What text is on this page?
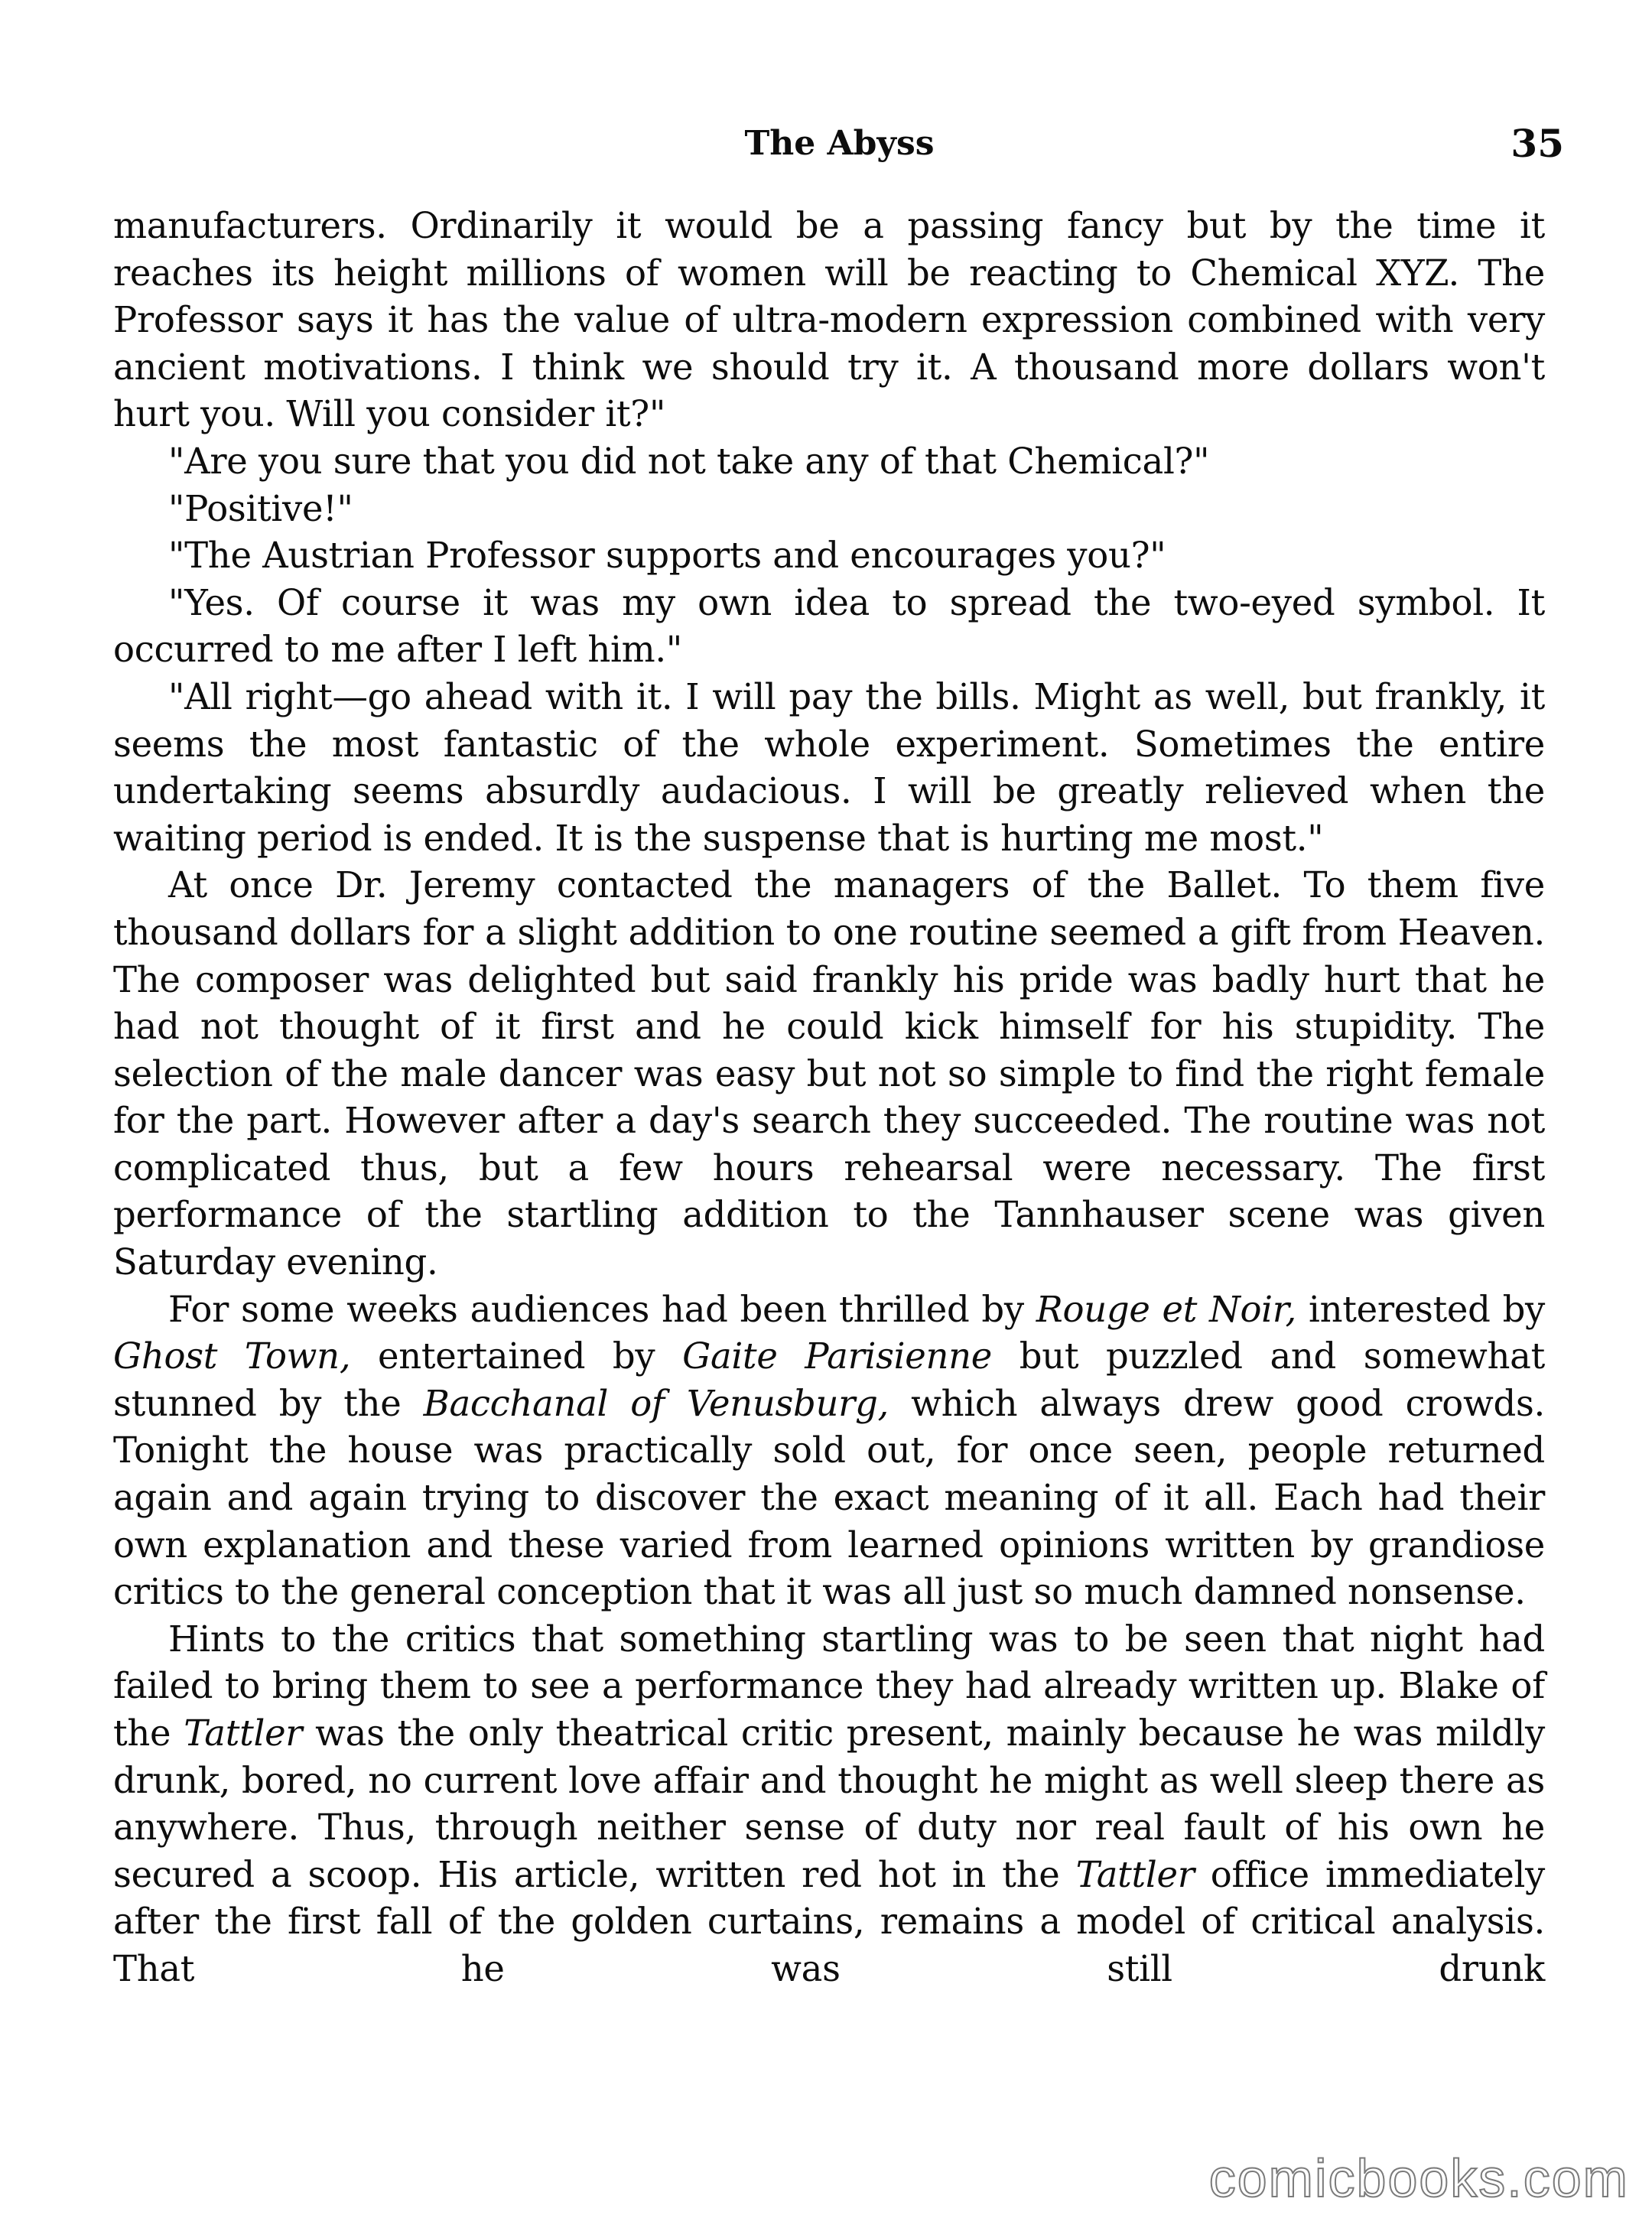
The Abyss	35

manufacturers. Ordinarily it would be a passing fancy but by the time it reaches its height millions of women will be reacting to Chemical XYZ. The Professor says it has the value of ultra-modern expression combined with very ancient motivations. I think we should try it. A thousand more dollars won't hurt you. Will you consider it?"

"Are you sure that you did not take any of that Chemical?"

"Positive!"

"The Austrian Professor supports and encourages you?"

"Yes. Of course it was my own idea to spread the two-eyed symbol. It occurred to me after I left him."

"All right—go ahead with it. I will pay the bills. Might as well, but frankly, it seems the most fantastic of the whole experiment. Sometimes the entire undertaking seems absurdly audacious. I will be greatly relieved when the waiting period is ended. It is the suspense that is hurting me most."

At once Dr. Jeremy contacted the managers of the Ballet. To them five thousand dollars for a slight addition to one routine seemed a gift from Heaven. The composer was delighted but said frankly his pride was badly hurt that he had not thought of it first and he could kick himself for his stupidity. The selection of the male dancer was easy but not so simple to find the right female for the part. However after a day's search they succeeded. The routine was not complicated thus, but a few hours rehearsal were necessary. The first performance of the startling addition to the Tannhauser scene was given Saturday evening.

For some weeks audiences had been thrilled by Rouge et Noir, interested by Ghost Town, entertained by Gaite Parisienne but puzzled and somewhat stunned by the Bacchanal of Venusburg, which always drew good crowds. Tonight the house was practically sold out, for once seen, people returned again and again trying to discover the exact meaning of it all. Each had their own explanation and these varied from learned opinions written by grandiose critics to the general conception that it was all just so much damned nonsense.

Hints to the critics that something startling was to be seen that night had failed to bring them to see a performance they had already written up. Blake of the Tattler was the only theatrical critic present, mainly because he was mildly drunk, bored, no current love affair and thought he might as well sleep there as anywhere. Thus, through neither sense of duty nor real fault of his own he secured a scoop. His article, written red hot in the Tattler office immediately after the first fall of the golden curtains, remains a model of critical analysis. That he was still drunk

comicbooks.com
